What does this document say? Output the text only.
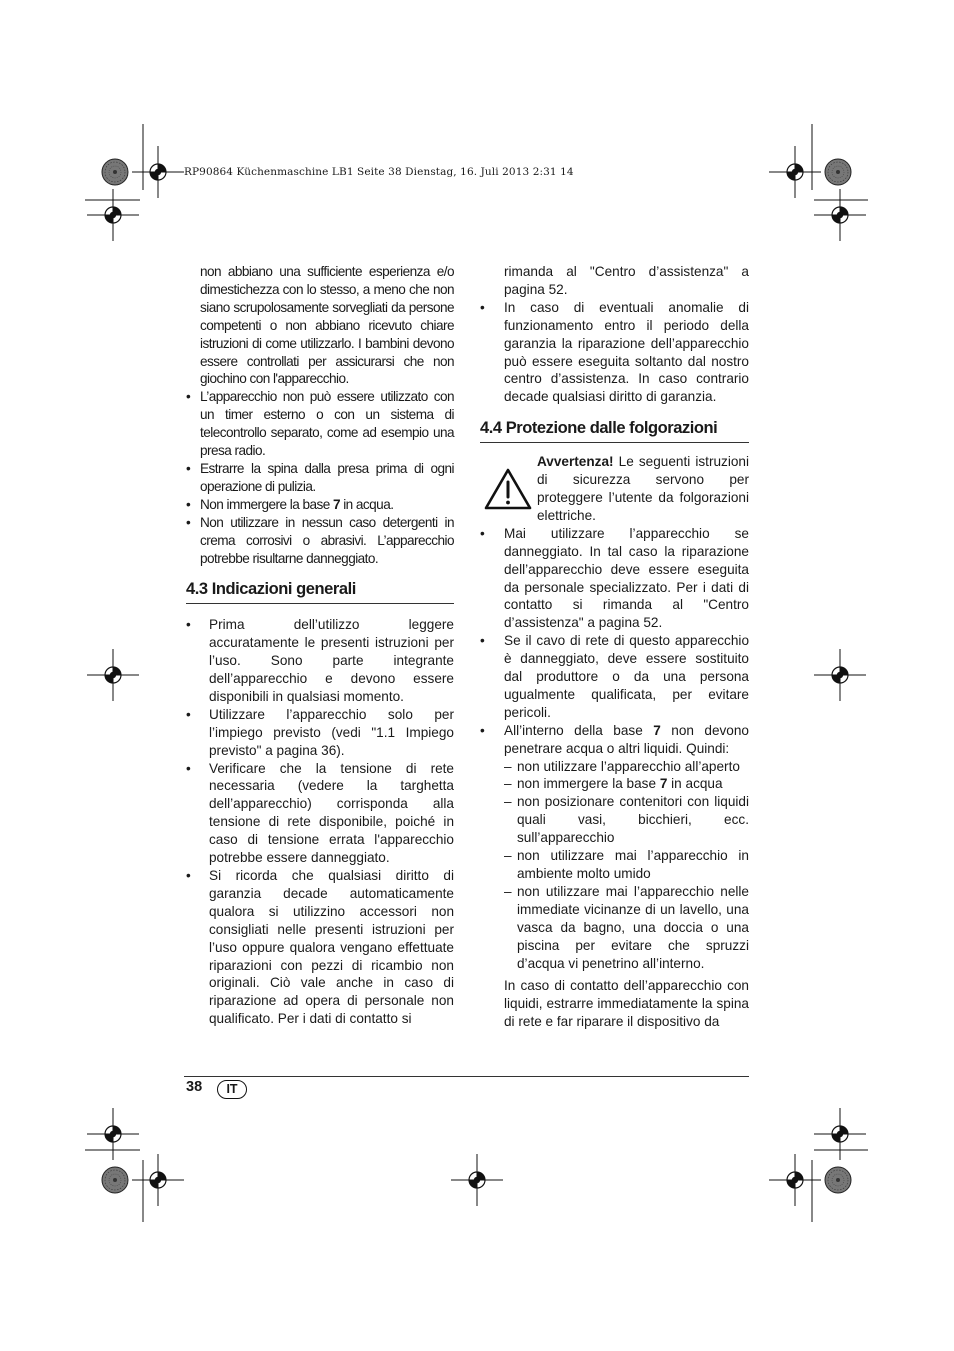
RP90864 Küchenmaschine LB1 Seite 38 Dienstag, 16. Juli 2013 2:31 14

non abbiano una sufficiente esperienza e/o dimestichezza con lo stesso, a meno che non siano scrupolosamente sorvegliati da persone competenti o non abbiano ricevuto chiare istruzioni di come utilizzarlo. I bambini devono essere controllati per assicurarsi che non giochino con l'apparecchio.

• L’apparecchio non può essere utilizzato con un timer esterno o con un sistema di telecontrollo separato, come ad esempio una presa radio.
• Estrarre la spina dalla presa prima di ogni operazione di pulizia.
• Non immergere la base 7 in acqua.
• Non utilizzare in nessun caso detergenti in crema corrosivi o abrasivi. L’apparecchio potrebbe risultarne danneggiato.
4.3 Indicazioni generali
• Prima dell’utilizzo leggere accuratamente le presenti istruzioni per l’uso. Sono parte integrante dell’apparecchio e devono essere disponibili in qualsiasi momento.
• Utilizzare l’apparecchio solo per l’impiego previsto (vedi "1.1 Impiego previsto" a pagina 36).
• Verificare che la tensione di rete necessaria (vedere la targhetta dell’apparecchio) corrisponda alla tensione di rete disponibile, poiché in caso di tensione errata l'apparecchio potrebbe essere danneggiato.
• Si ricorda che qualsiasi diritto di garanzia decade automaticamente qualora si utilizzino accessori non consigliati nelle presenti istruzioni per l’uso oppure qualora vengano effettuate riparazioni con pezzi di ricambio non originali. Ciò vale anche in caso di riparazione ad opera di personale non qualificato. Per i dati di contatto si

rimanda al "Centro d’assistenza" a pagina 52.

• In caso di eventuali anomalie di funzionamento entro il periodo della garanzia la riparazione dell’apparecchio può essere eseguita soltanto dal nostro centro d’assistenza. In caso contrario decade qualsiasi diritto di garanzia.
4.4 Protezione dalle folgorazioni
Avvertenza! Le seguenti istruzioni di sicurezza servono per proteggere l’utente da folgorazioni elettriche.
• Mai utilizzare l’apparecchio se danneggiato. In tal caso la riparazione dell’apparecchio deve essere eseguita da personale specializzato. Per i dati di contatto si rimanda al "Centro d’assistenza" a pagina 52.
• Se il cavo di rete di questo apparecchio è danneggiato, deve essere sostituito dal produttore o da una persona ugualmente qualificata, per evitare pericoli.
• All’interno della base 7 non devono penetrare acqua o altri liquidi. Quindi:
– non utilizzare l’apparecchio all’aperto
– non immergere la base 7 in acqua
– non posizionare contenitori con liquidi quali vasi, bicchieri, ecc. sull’apparecchio
– non utilizzare mai l’apparecchio in ambiente molto umido
– non utilizzare mai l’apparecchio nelle immediate vicinanze di un lavello, una vasca da bagno, una doccia o una piscina per evitare che spruzzi d’acqua vi penetrino all’interno.

In caso di contatto dell’apparecchio con liquidi, estrarre immediatamente la spina di rete e far riparare il dispositivo da

38	IT
